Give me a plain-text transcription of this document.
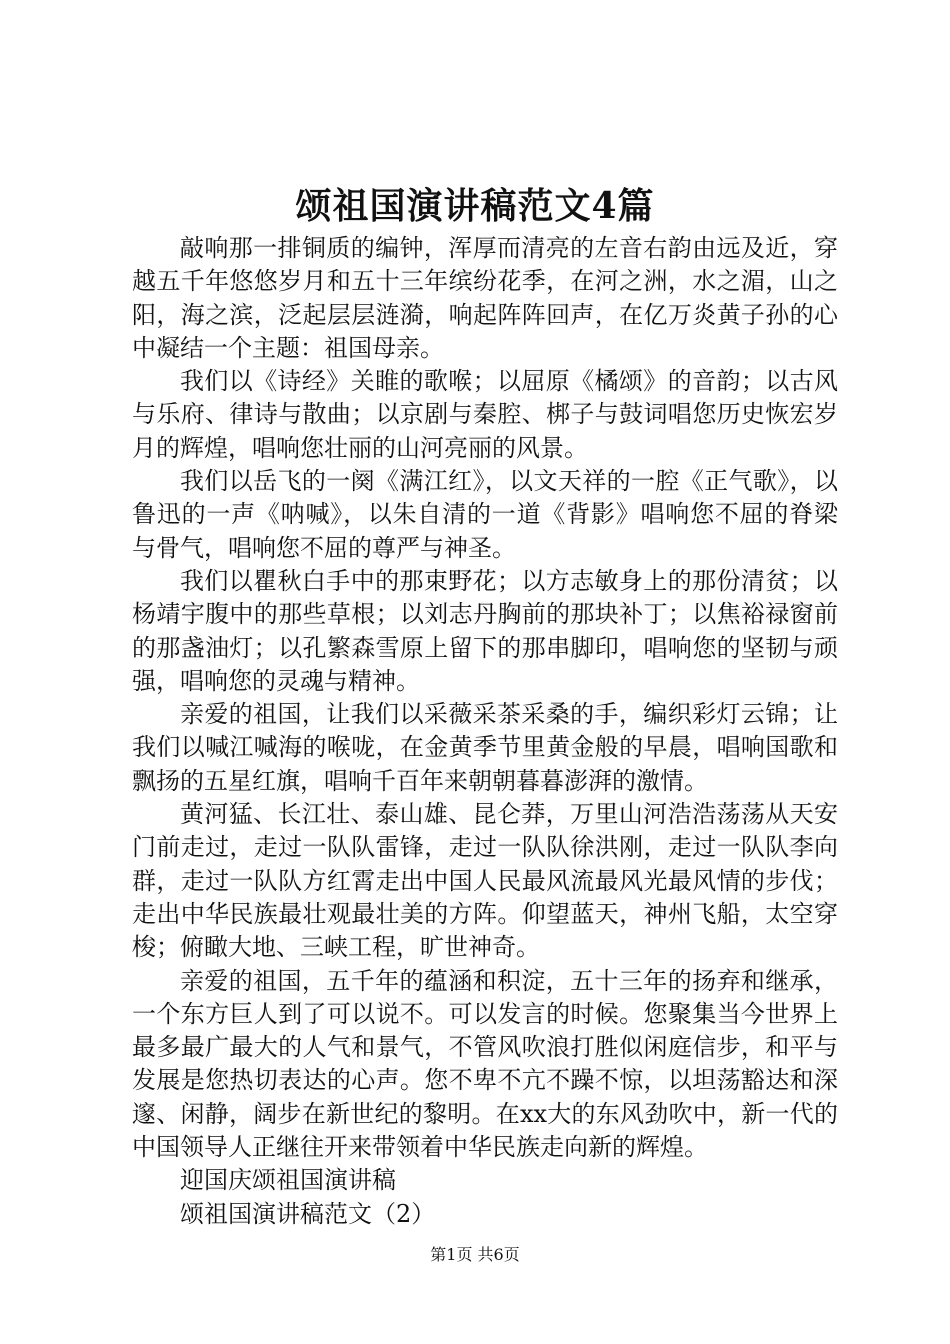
颂祖国演讲稿范文4篇

敲响那一排铜质的编钟，浑厚而清亮的左音右韵由远及近，穿越五千年悠悠岁月和五十三年缤纷花季，在河之洲，水之湄，山之阳，海之滨，泛起层层涟漪，响起阵阵回声，在亿万炎黄子孙的心中凝结一个主题：祖国母亲。

我们以《诗经》关睢的歌喉；以屈原《橘颂》的音韵；以古风与乐府、律诗与散曲；以京剧与秦腔、梆子与鼓词唱您历史恢宏岁月的辉煌，唱响您壮丽的山河亮丽的风景。

我们以岳飞的一阕《满江红》，以文天祥的一腔《正气歌》，以鲁迅的一声《呐喊》，以朱自清的一道《背影》唱响您不屈的脊梁与骨气，唱响您不屈的尊严与神圣。

我们以瞿秋白手中的那束野花；以方志敏身上的那份清贫；以杨靖宇腹中的那些草根；以刘志丹胸前的那块补丁；以焦裕禄窗前的那盏油灯；以孔繁森雪原上留下的那串脚印，唱响您的坚韧与顽强，唱响您的灵魂与精神。

亲爱的祖国，让我们以采薇采茶采桑的手，编织彩灯云锦；让我们以喊江喊海的喉咙，在金黄季节里黄金般的早晨，唱响国歌和飘扬的五星红旗，唱响千百年来朝朝暮暮澎湃的激情。

黄河猛、长江壮、泰山雄、昆仑莽，万里山河浩浩荡荡从天安门前走过，走过一队队雷锋，走过一队队徐洪刚，走过一队队李向群，走过一队队方红霄走出中国人民最风流最风光最风情的步伐；走出中华民族最壮观最壮美的方阵。仰望蓝天，神州飞船，太空穿梭；俯瞰大地、三峡工程，旷世神奇。

亲爱的祖国，五千年的蕴涵和积淀，五十三年的扬弃和继承，一个东方巨人到了可以说不。可以发言的时候。您聚集当今世界上最多最广最大的人气和景气，不管风吹浪打胜似闲庭信步，和平与发展是您热切表达的心声。您不卑不亢不躁不惊，以坦荡豁达和深邃、闲静，阔步在新世纪的黎明。在xx大的东风劲吹中，新一代的中国领导人正继往开来带领着中华民族走向新的辉煌。

迎国庆颂祖国演讲稿

颂祖国演讲稿范文（2）

第1页 共6页
